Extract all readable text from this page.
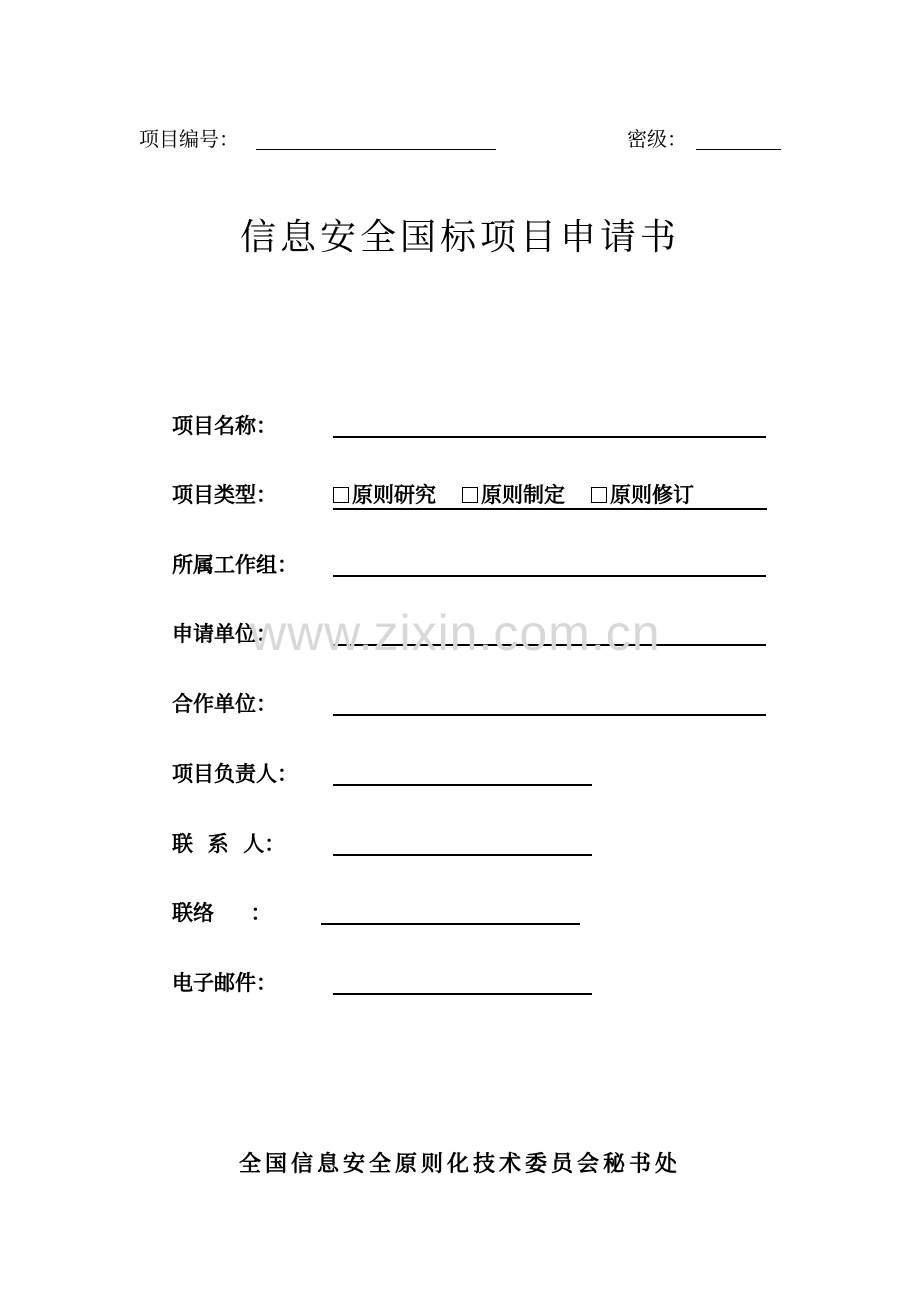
项目编号：	密级：
信息安全国标项目申请书
项目名称：
项目类型：	原则研究 原则制定 原则修订
所属工作组：
申请单位：
合作单位：
项目负责人：
联  系  人：
联络     ：
电子邮件：
www.zixin.com.cn
全国信息安全原则化技术委员会秘书处
